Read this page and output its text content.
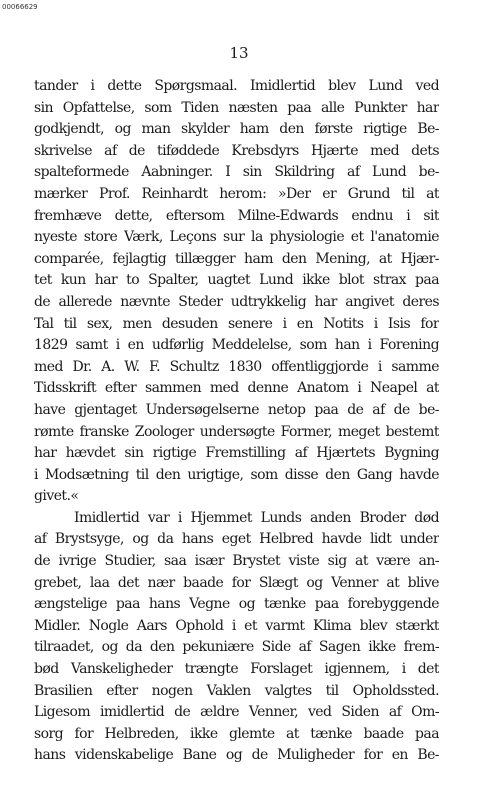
00066629
13
tander i dette Spørgsmaal. Imidlertid blev Lund ved
sin Opfattelse, som Tiden næsten paa alle Punkter har
godkjendt, og man skylder ham den første rigtige Be-
skrivelse af de tiføddede Krebsdyrs Hjærte med dets
spalteformede Aabninger. I sin Skildring af Lund be-
mærker Prof. Reinhardt herom: »Der er Grund til at
fremhæve dette, eftersom Milne-Edwards endnu i sit
nyeste store Værk, Leçons sur la physiologie et l'anatomie
comparée, fejlagtig tillægger ham den Mening, at Hjær-
tet kun har to Spalter, uagtet Lund ikke blot strax paa
de allerede nævnte Steder udtrykkelig har angivet deres
Tal til sex, men desuden senere i en Notits i Isis for
1829 samt i en udførlig Meddelelse, som han i Forening
med Dr. A. W. F. Schultz 1830 offentliggjorde i samme
Tidsskrift efter sammen med denne Anatom i Neapel at
have gjentaget Undersøgelserne netop paa de af de be-
rømte franske Zoologer undersøgte Former, meget bestemt
har hævdet sin rigtige Fremstilling af Hjærtets Bygning
i Modsætning til den urigtige, som disse den Gang havde
givet.«
Imidlertid var i Hjemmet Lunds anden Broder død
af Brystsyge, og da hans eget Helbred havde lidt under
de ivrige Studier, saa især Brystet viste sig at være an-
grebet, laa det nær baade for Slægt og Venner at blive
ængstelige paa hans Vegne og tænke paa forebyggende
Midler. Nogle Aars Ophold i et varmt Klima blev stærkt
tilraadet, og da den pekuniære Side af Sagen ikke frem-
bød Vanskeligheder trængte Forslaget igjennem, i det
Brasilien efter nogen Vaklen valgtes til Opholdssted.
Ligesom imidlertid de ældre Venner, ved Siden af Om-
sorg for Helbreden, ikke glemte at tænke baade paa
hans videnskabelige Bane og de Muligheder for en Be-
